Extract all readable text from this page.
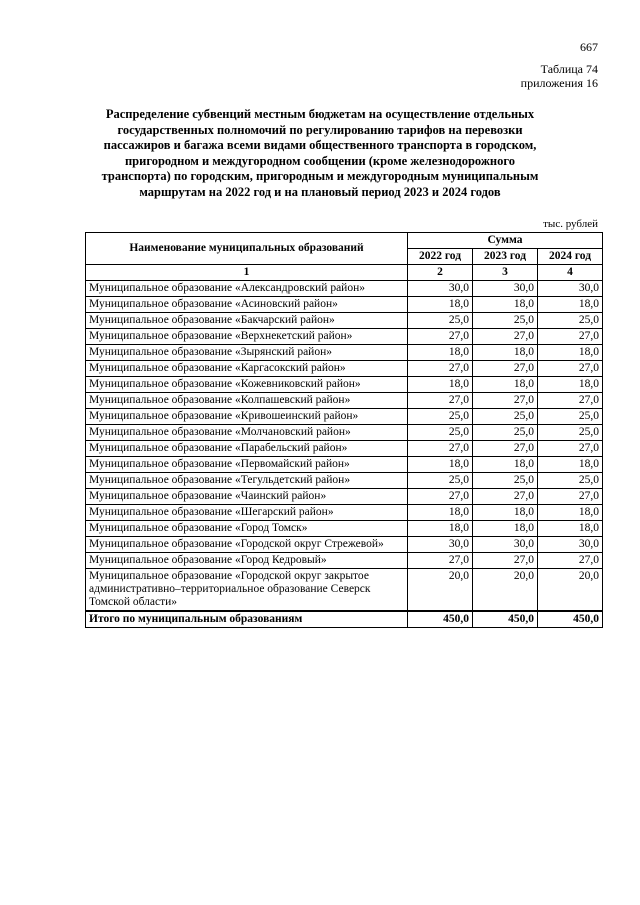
667
Таблица 74
приложения 16
Распределение субвенций местным бюджетам на осуществление отдельных государственных полномочий по регулированию тарифов на перевозки пассажиров и багажа всеми видами общественного транспорта в городском, пригородном и междугородном сообщении (кроме железнодорожного транспорта) по городским, пригородным и междугородным муниципальным маршрутам на 2022 год и на плановый период 2023 и 2024 годов
тыс. рублей
Наименование муниципальных образований	Сумма		
	2022 год	2023 год	2024 год
1	2	3	4
Муниципальное образование «Александровский район»	30,0	30,0	30,0
Муниципальное образование «Асиновский район»	18,0	18,0	18,0
Муниципальное образование «Бакчарский район»	25,0	25,0	25,0
Муниципальное образование «Верхнекетский район»	27,0	27,0	27,0
Муниципальное образование «Зырянский район»	18,0	18,0	18,0
Муниципальное образование «Каргасокский район»	27,0	27,0	27,0
Муниципальное образование «Кожевниковский район»	18,0	18,0	18,0
Муниципальное образование «Колпашевский район»	27,0	27,0	27,0
Муниципальное образование «Кривошеинский район»	25,0	25,0	25,0
Муниципальное образование «Молчановский район»	25,0	25,0	25,0
Муниципальное образование «Парабельский район»	27,0	27,0	27,0
Муниципальное образование «Первомайский район»	18,0	18,0	18,0
Муниципальное образование «Тегульдетский район»	25,0	25,0	25,0
Муниципальное образование «Чаинский район»	27,0	27,0	27,0
Муниципальное образование «Шегарский район»	18,0	18,0	18,0
Муниципальное образование «Город Томск»	18,0	18,0	18,0
Муниципальное образование «Городской округ Стрежевой»	30,0	30,0	30,0
Муниципальное образование «Город Кедровый»	27,0	27,0	27,0
Муниципальное образование «Городской округ закрытое административно–территориальное образование Северск Томской области»	20,0	20,0	20,0
Итого по муниципальным образованиям	450,0	450,0	450,0
